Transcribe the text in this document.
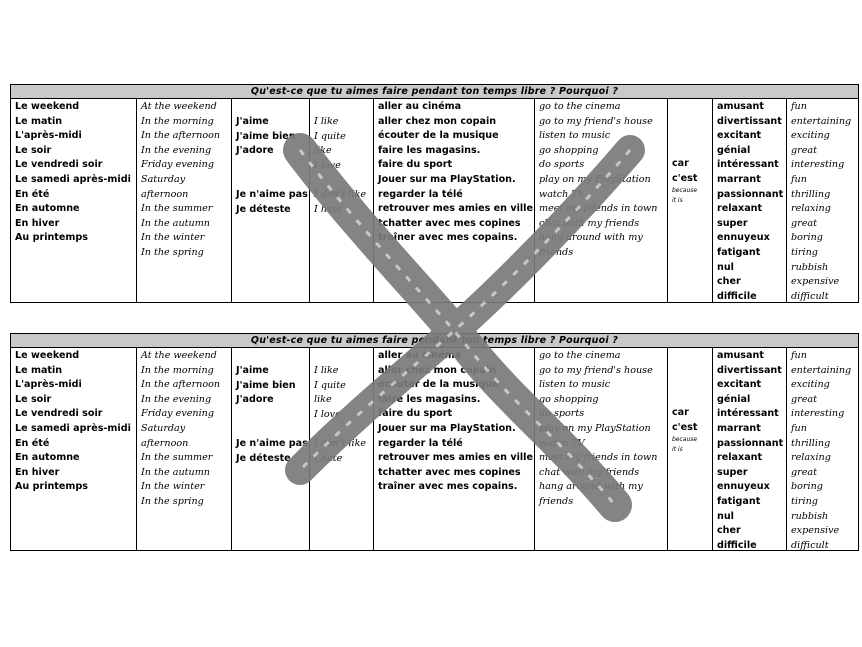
Qu'est-ce que tu aimes faire pendant ton temps libre ? Pourquoi ?
Le weekend
Le matin
L'après-midi
Le soir
Le vendredi soir
Le samedi après-midi
En été
En automne
En hiver
Au printemps
At the weekend
In the morning
In the afternoon
In the evening
Friday evening
Saturday
afternoon
In the summer
In the autumn
In the winter
In the spring
J'aime
J'aime bien
J'adore
Je n'aime pas
Je déteste
I like
I quite
like
I love
I don't like
I hate
aller au cinéma
aller chez mon copain
écouter de la musique
faire les magasins.
faire du sport
Jouer sur ma PlayStation.
regarder la télé
retrouver mes amies en ville
tchatter avec mes copines
traîner avec mes copains.
go to the cinema
go to my friend's house
listen to music
go shopping
do sports
play on my PlayStation
watch TV
meet my friends in town
chat with my friends
hang around with my
friends
car
c'est
because
it is
amusant
divertissant
excitant
génial
intéressant
marrant
passionnant
relaxant
super
ennuyeux
fatigant
nul
cher
difficile
fun
entertaining
exciting
great
interesting
fun
thrilling
relaxing
great
boring
tiring
rubbish
expensive
difficult
Qu'est-ce que tu aimes faire pendant ton temps libre ? Pourquoi ?
Le weekend
Le matin
L'après-midi
Le soir
Le vendredi soir
Le samedi après-midi
En été
En automne
En hiver
Au printemps
At the weekend
In the morning
In the afternoon
In the evening
Friday evening
Saturday
afternoon
In the summer
In the autumn
In the winter
In the spring
J'aime
J'aime bien
J'adore
Je n'aime pas
Je déteste
I like
I quite
like
I love
I don't like
I hate
aller au cinéma
aller chez mon copain
écouter de la musique
faire les magasins.
faire du sport
Jouer sur ma PlayStation.
regarder la télé
retrouver mes amies en ville
tchatter avec mes copines
traîner avec mes copains.
go to the cinema
go to my friend's house
listen to music
go shopping
do sports
play on my PlayStation
watch TV
meet my friends in town
chat with my friends
hang around with my
friends
car
c'est
because
it is
amusant
divertissant
excitant
génial
intéressant
marrant
passionnant
relaxant
super
ennuyeux
fatigant
nul
cher
difficile
fun
entertaining
exciting
great
interesting
fun
thrilling
relaxing
great
boring
tiring
rubbish
expensive
difficult
